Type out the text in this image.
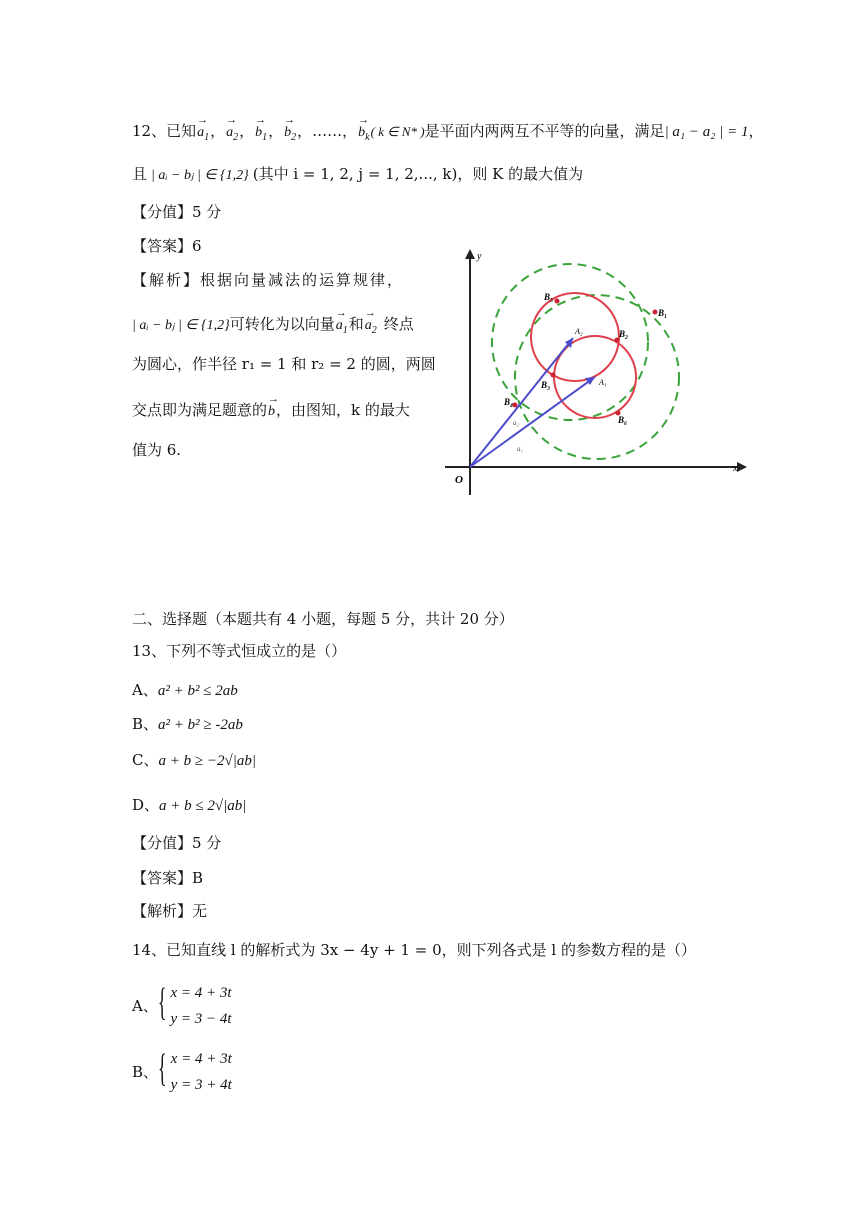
12、已知→ $a_1$，→ $a_2$，→ $b_1$，→ $b_2$，……，→ $b_k$( k ∈ N* )是平面内两两互不平等的向量，满足| a₁ − a₂ | = 1，
且 | aᵢ − bⱼ | ∈ {1,2} (其中 i = 1, 2, j = 1, 2,..., k)，则 K 的最大值为
【分值】5 分
【答案】6
【解析】根据向量减法的运算规律，
| aᵢ − bⱼ | ∈ {1,2}可转化为以向量→ $a_1$和→ $a_2$ 终点
为圆心，作半径 r₁ = 1 和 r₂ = 2 的圆，两圆
交点即为满足题意的→ b，由图知，k 的最大
值为 6.
x
y
O
B₅
B₁
B₂
A₂
A₁
B₃
B₄
B₆
a₂
a₁
二、选择题（本题共有 4 小题，每题 5 分，共计 20 分）
13、下列不等式恒成立的是（）
A、a² + b² ≤ 2ab
B、a² + b² ≥ -2ab
C、a + b ≥ −2√|ab|
D、a + b ≤ 2√|ab|
【分值】5 分
【答案】B
【解析】无
14、已知直线 l 的解析式为 3x − 4y + 1 = 0，则下列各式是 l 的参数方程的是（）
A、{ x = 4 + 3t
y = 3 − 4t
B、{ x = 4 + 3t
y = 3 + 4t
